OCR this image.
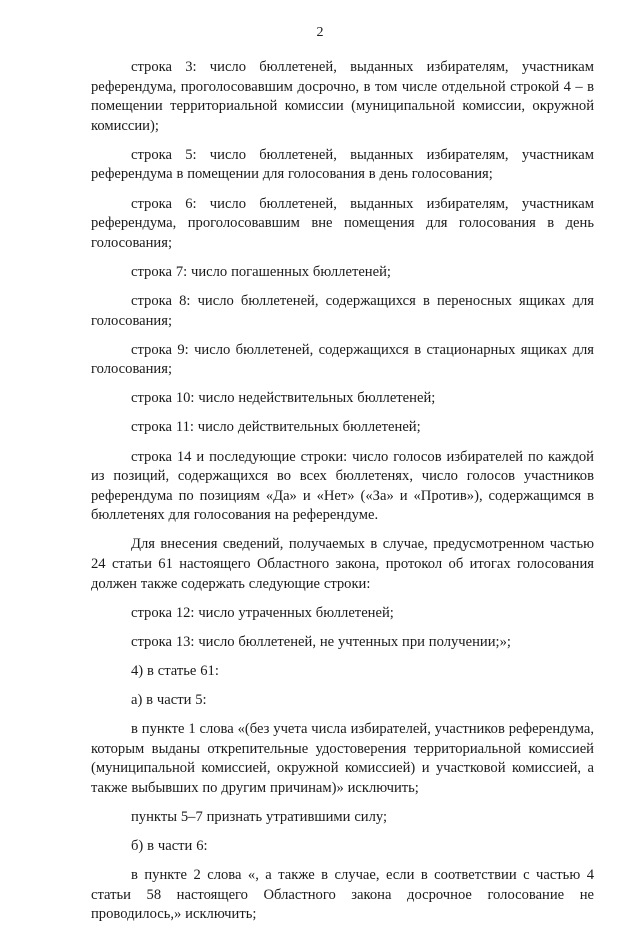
2

строка 3: число бюллетеней, выданных избирателям, участникам референдума, проголосовавшим досрочно, в том числе отдельной строкой 4 – в помещении территориальной комиссии (муниципальной комиссии, окружной комиссии);

строка 5: число бюллетеней, выданных избирателям, участникам референдума в помещении для голосования в день голосования;

строка 6: число бюллетеней, выданных избирателям, участникам референдума, проголосовавшим вне помещения для голосования в день голосования;

строка 7: число погашенных бюллетеней;

строка 8: число бюллетеней, содержащихся в переносных ящиках для голосования;

строка 9: число бюллетеней, содержащихся в стационарных ящиках для голосования;

строка 10: число недействительных бюллетеней;

строка 11: число действительных бюллетеней;

строка 14 и последующие строки: число голосов избирателей по каждой из позиций, содержащихся во всех бюллетенях, число голосов участников референдума по позициям «Да» и «Нет» («За» и «Против»), содержащимся в бюллетенях для голосования на референдуме.

Для внесения сведений, получаемых в случае, предусмотренном частью 24 статьи 61 настоящего Областного закона, протокол об итогах голосования должен также содержать следующие строки:

строка 12: число утраченных бюллетеней;

строка 13: число бюллетеней, не учтенных при получении;»;

4) в статье 61:

а) в части 5:

в пункте 1 слова «(без учета числа избирателей, участников референдума, которым выданы открепительные удостоверения территориальной комиссией (муниципальной комиссией, окружной комиссией) и участковой комиссией, а также выбывших по другим причинам)» исключить;

пункты 5–7 признать утратившими силу;

б) в части 6:

в пункте 2 слова «, а также в случае, если в соответствии с частью 4 статьи 58 настоящего Областного закона досрочное голосование не проводилось,» исключить;
